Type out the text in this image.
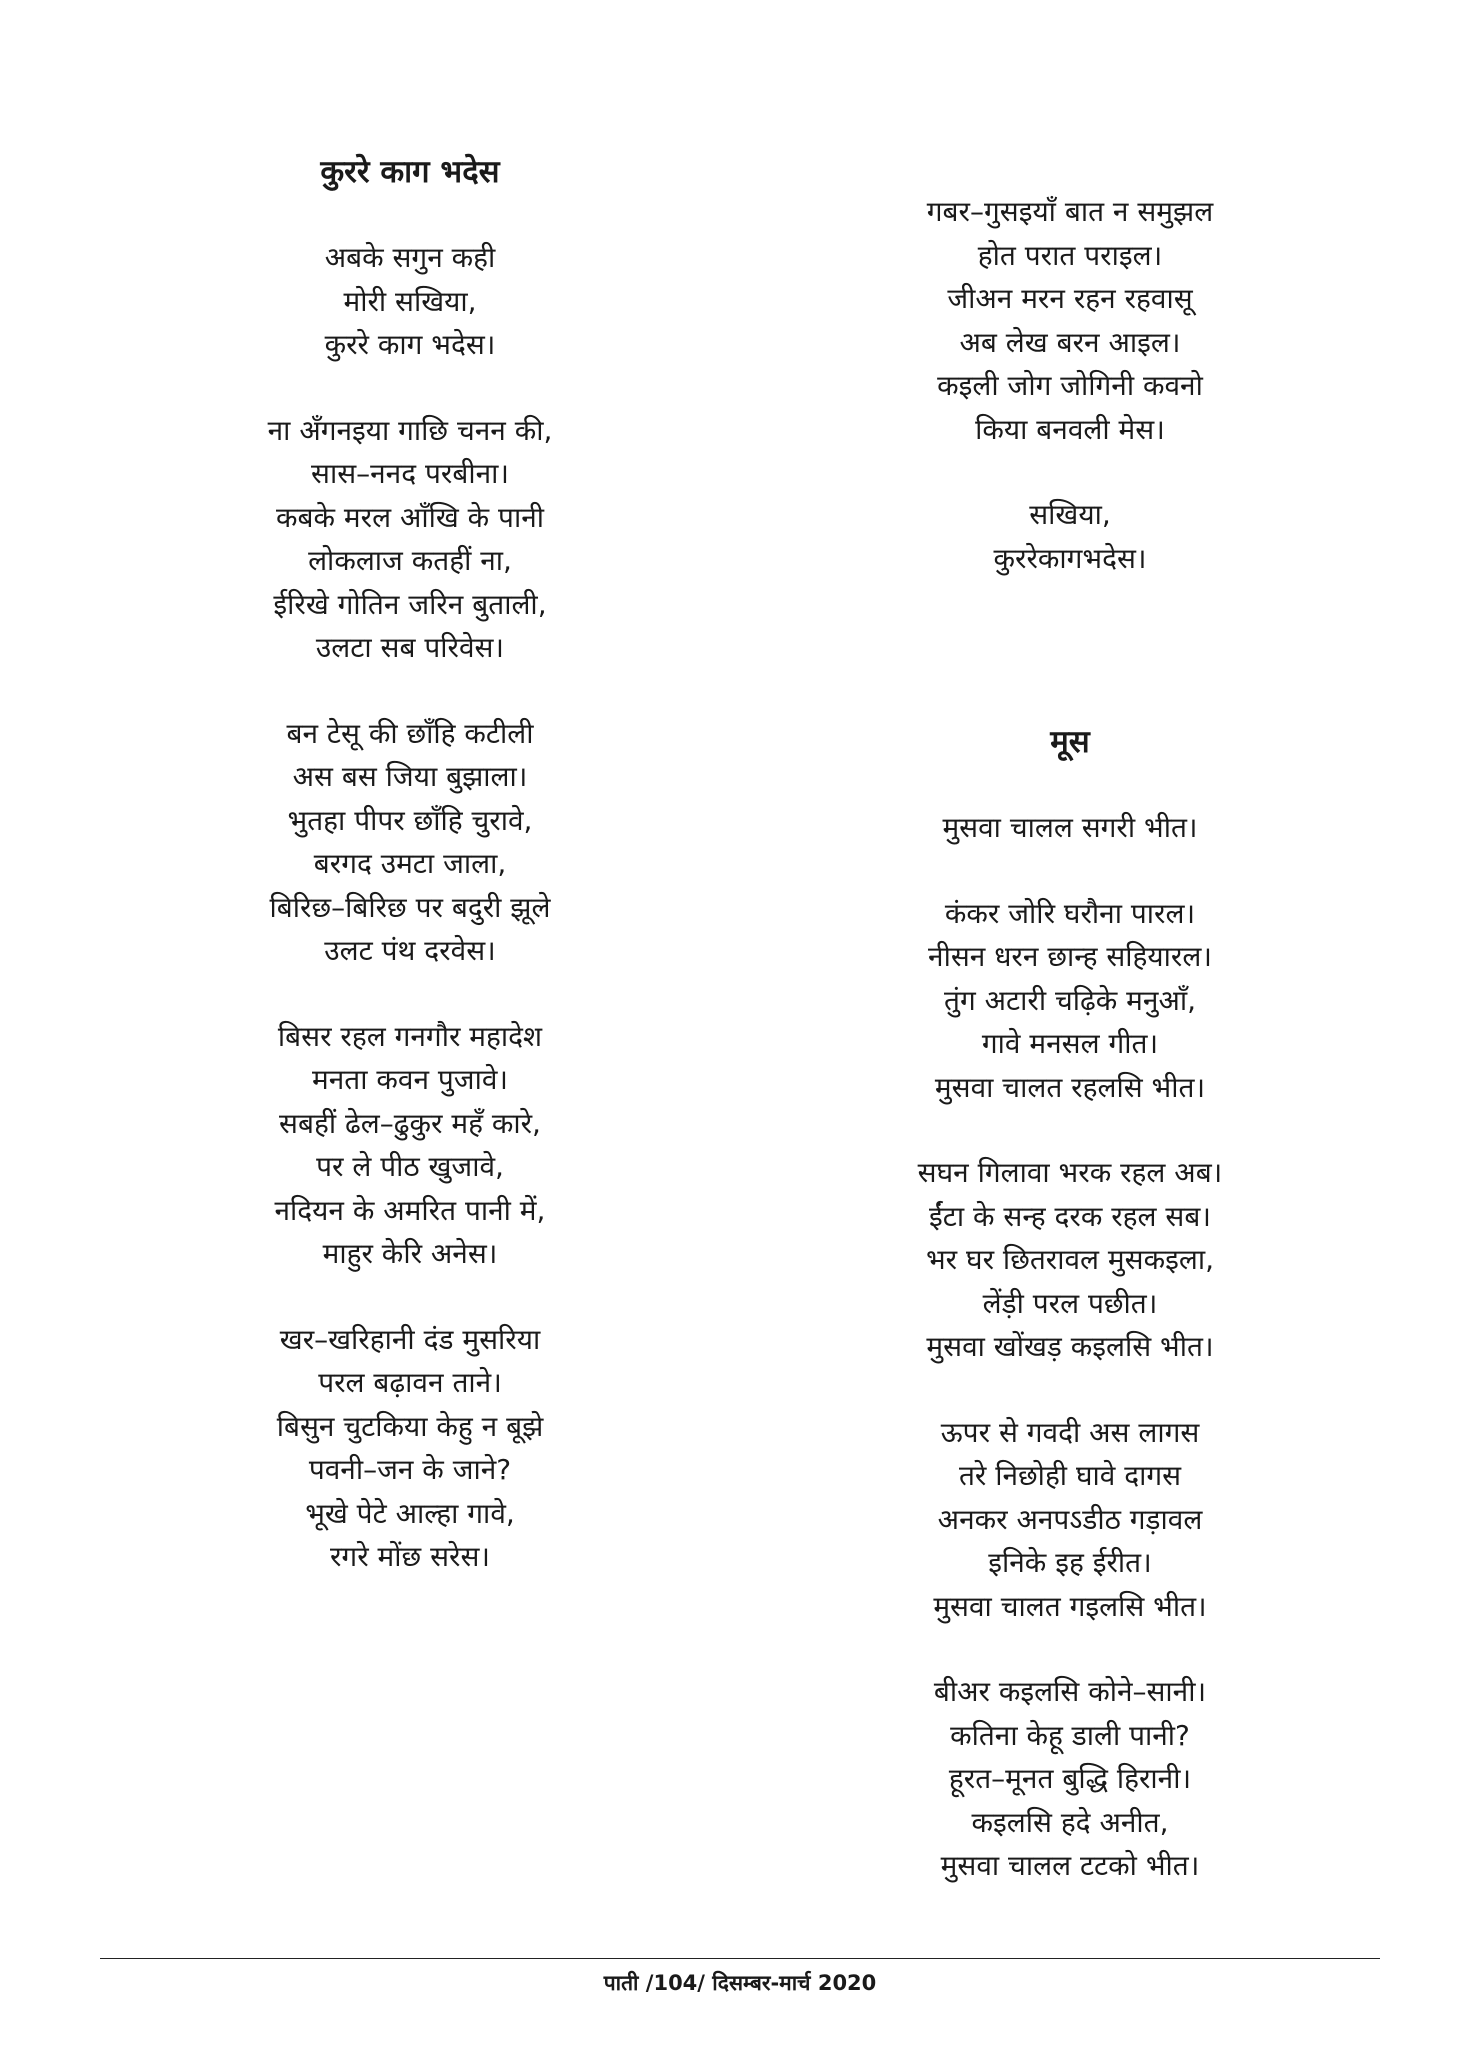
कुररे काग भदेस
अबके सगुन कही
मोरी सखिया,
कुररे काग भदेस।
ना अँगनइया गाछि चनन की,
सास–ननद परबीना।
कबके मरल आँखि के पानी
लोकलाज कतहीं ना,
ईरिखे गोतिन जरिन बुताली,
उलटा सब परिवेस।
बन टेसू की छाँहि कटीली
अस बस जिया बुझाला।
भुतहा पीपर छाँहि चुरावे,
बरगद उमटा जाला,
बिरिछ–बिरिछ पर बदुरी झूले
उलट पंथ दरवेस।
बिसर रहल गनगौर महादेश
मनता कवन पुजावे।
सबहीं ढेल–ढुकुर महँ कारे,
पर ले पीठ खुजावे,
नदियन के अमरित पानी में,
माहुर केरि अनेस।
खर–खरिहानी दंड मुसरिया
परल बढ़ावन ताने।
बिसुन चुटकिया केहु न बूझे
पवनी–जन के जाने?
भूखे पेटे आल्हा गावे,
रगरे मोंछ सरेस।
गबर–गुसइयाँ बात न समुझल
होत परात पराइल।
जीअन मरन रहन रहवासू
अब लेख बरन आइल।
कइली जोग जोगिनी कवनो
किया बनवली मेस।
सखिया,
कुररेकागभदेस।
मूस
मुसवा चालल सगरी भीत।
कंकर जोरि घरौना पारल।
नीसन धरन छान्ह सहियारल।
तुंग अटारी चढ़िके मनुआँ,
गावे मनसल गीत।
मुसवा चालत रहलसि भीत।
सघन गिलावा भरक रहल अब।
ईंटा के सन्ह दरक रहल सब।
भर घर छितरावल मुसकइला,
लेंड़ी परल पछीत।
मुसवा खोंखड़ कइलसि भीत।
ऊपर से गवदी अस लागस
तरे निछोही घावे दागस
अनकर अनपऽडीठ गड़ावल
इनिके इह ईरीत।
मुसवा चालत गइलसि भीत।
बीअर कइलसि कोने–सानी।
कतिना केहू डाली पानी?
हूरत–मूनत बुद्धि हिरानी।
कइलसि हदे अनीत,
मुसवा चालल टटको भीत।
पाती /104/ दिसम्बर-मार्च 2020
